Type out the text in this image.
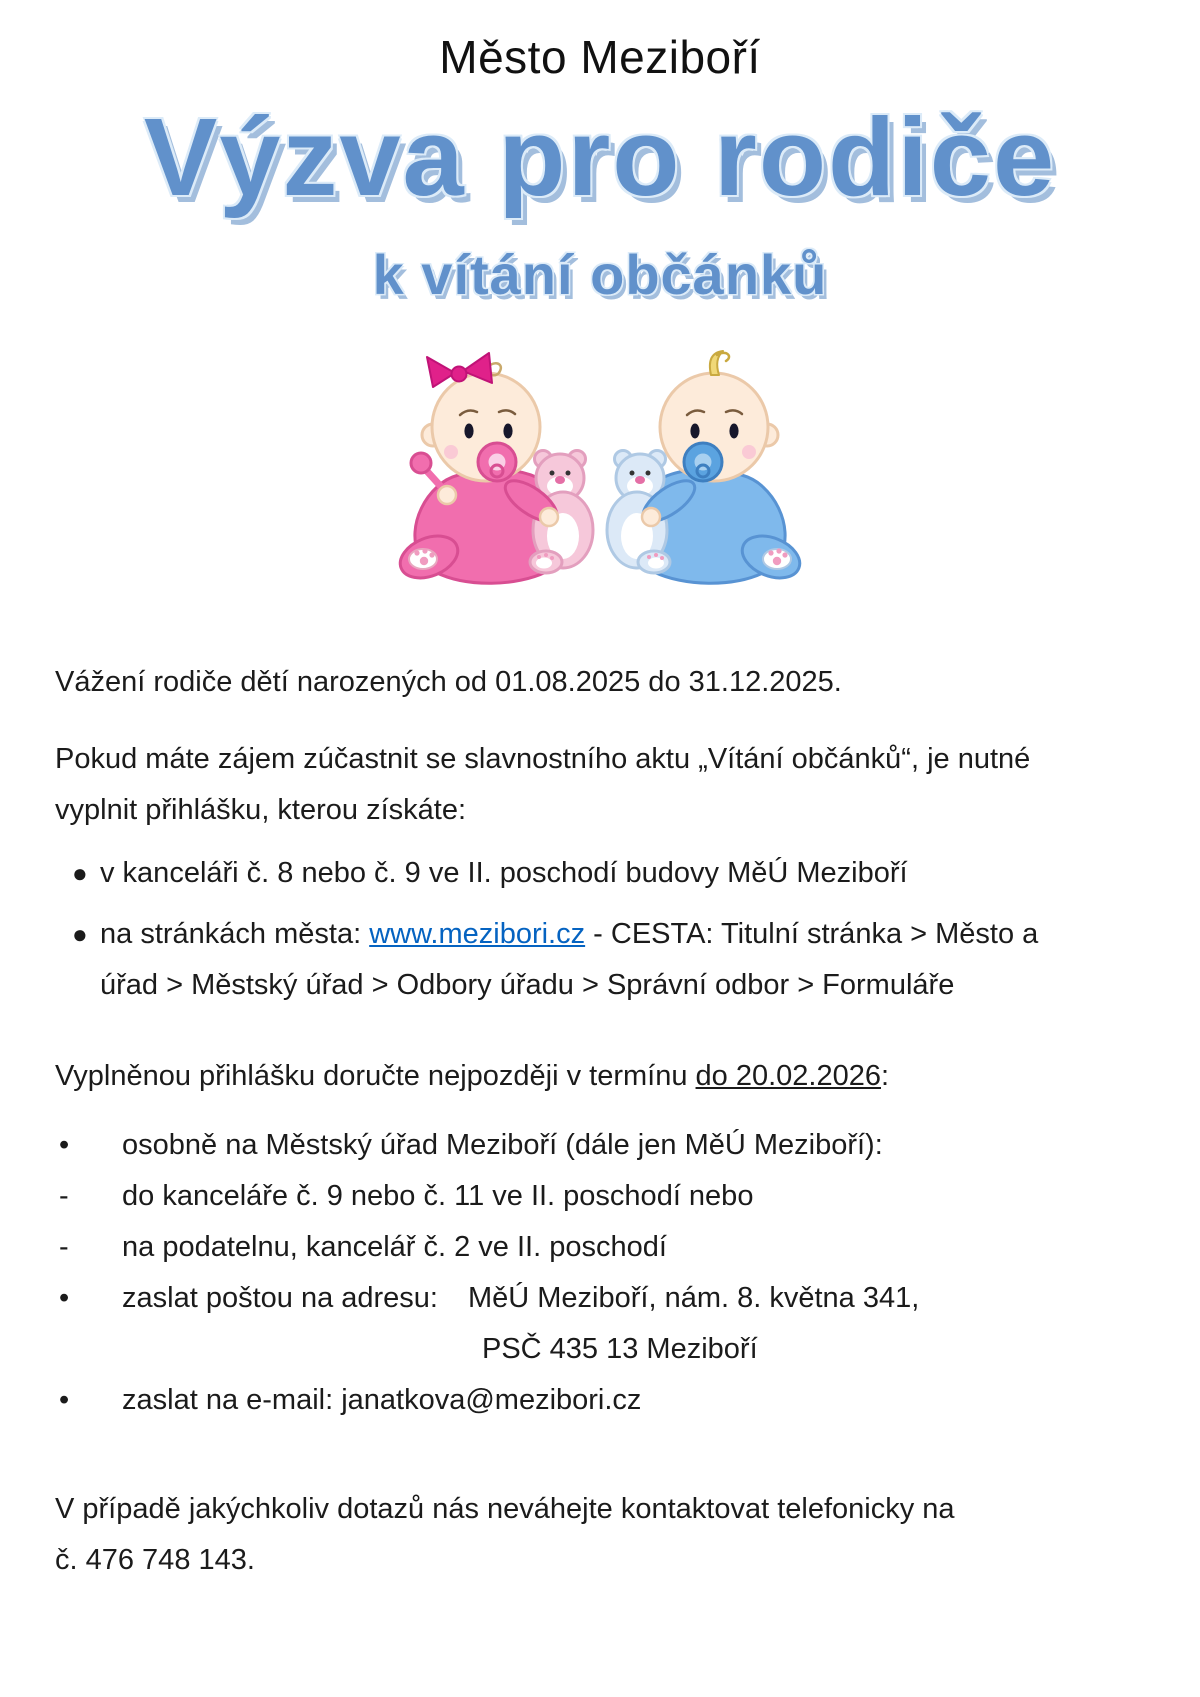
Město Meziboří
Výzva pro rodiče
k vítání občánků
Vážení rodiče dětí narozených od 01.08.2025 do 31.12.2025.
Pokud máte zájem zúčastnit se slavnostního aktu „Vítání občánků“, je nutné
vyplnit přihlášku, kterou získáte:
● v kanceláři č. 8 nebo č. 9 ve II. poschodí budovy MěÚ Meziboří
● na stránkách města: www.mezibori.cz - CESTA: Titulní stránka > Město a
úřad > Městský úřad > Odbory úřadu > Správní odbor > Formuláře
Vyplněnou přihlášku doručte nejpozději v termínu do 20.02.2026:
•	osobně na Městský úřad Meziboří (dále jen MěÚ Meziboří):
-	do kanceláře č. 9 nebo č. 11 ve II. poschodí nebo
-	na podatelnu, kancelář č. 2 ve II. poschodí
•	zaslat poštou na adresu: MěÚ Meziboří, nám. 8. května 341,
PSČ 435 13 Meziboří
•	zaslat na e-mail: janatkova@mezibori.cz
V případě jakýchkoliv dotazů nás neváhejte kontaktovat telefonicky na
č. 476 748 143.
